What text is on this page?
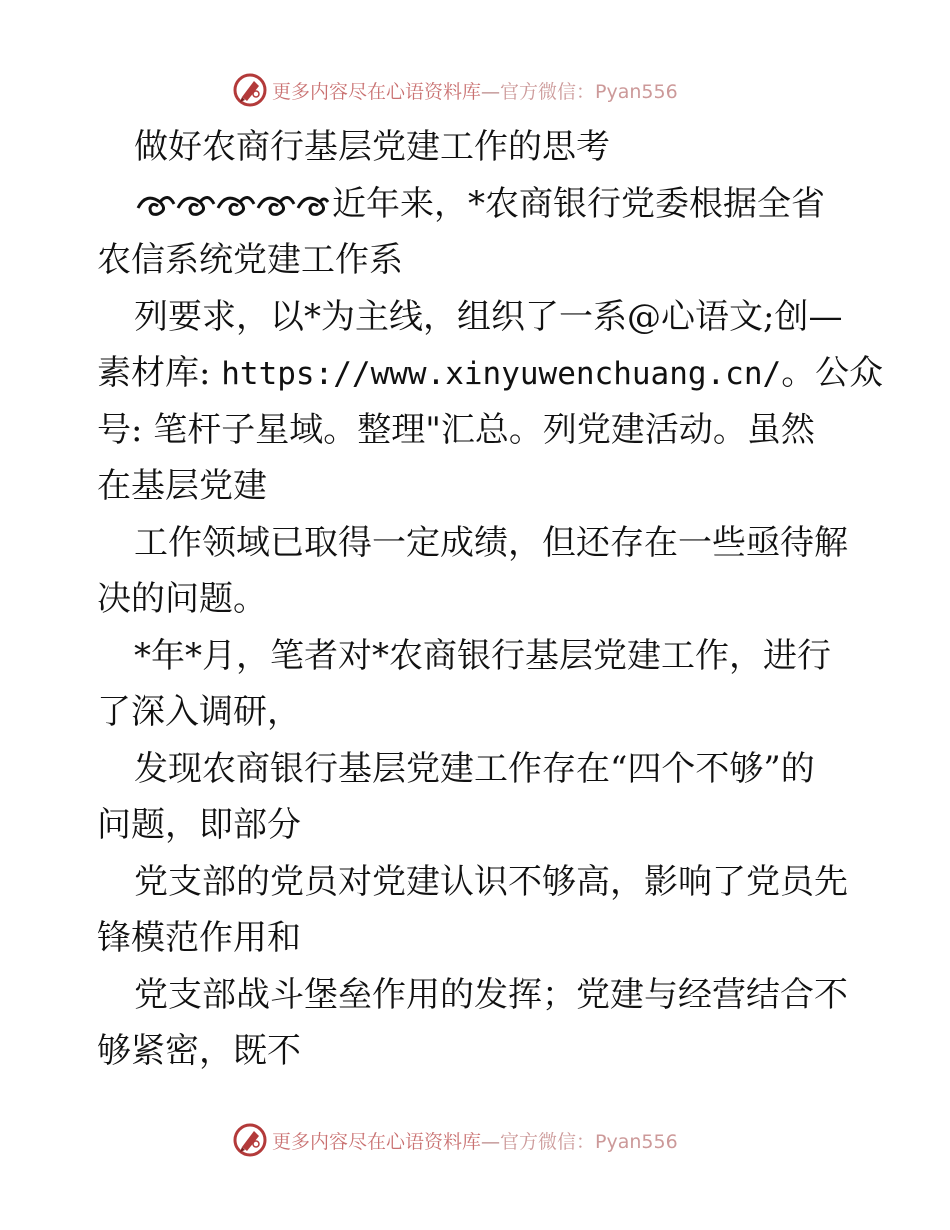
更多内容尽在心语资料库—官方微信：Pyan556
做好农商行基层党建工作的思考
近年来，*农商银行党委根据全省
农信系统党建工作系
列要求，以*为主线，组织了一系@心语文;创—
素材库: https://www.xinyuwenchuang.cn/。公众
号: 笔杆子星域。整理"汇总。列党建活动。虽然
在基层党建
工作领域已取得一定成绩，但还存在一些亟待解
决的问题。
*年*月，笔者对*农商银行基层党建工作，进行
了深入调研，
发现农商银行基层党建工作存在“四个不够”的
问题，即部分
党支部的党员对党建认识不够高，影响了党员先
锋模范作用和
党支部战斗堡垒作用的发挥；党建与经营结合不
够紧密，既不
更多内容尽在心语资料库—官方微信：Pyan556
